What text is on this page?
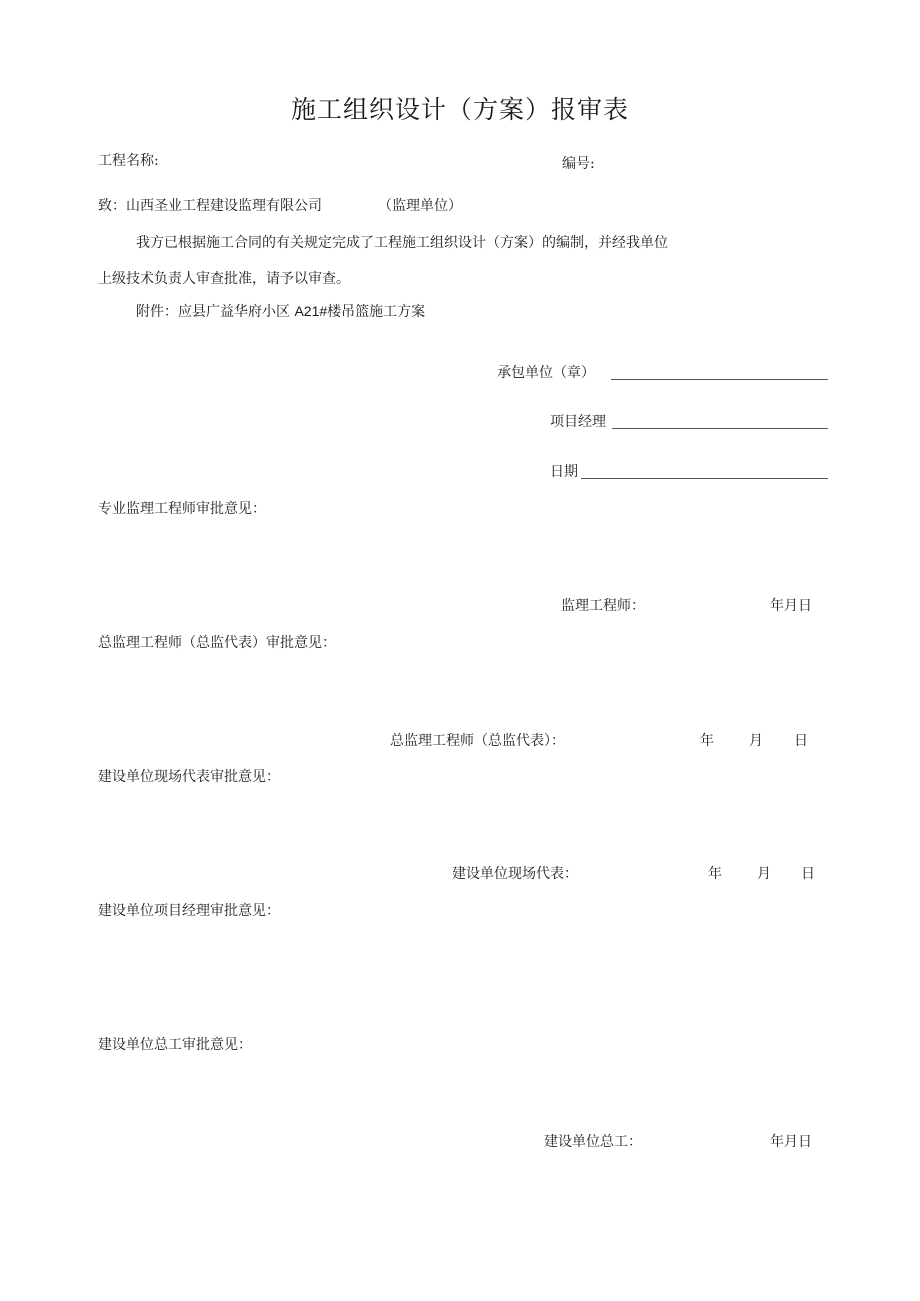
施工组织设计（方案）报审表
工程名称:	编号:
致： 山西圣业工程建设监理有限公司	（监理单位）
我方已根据施工合同的有关规定完成了工程施工组织设计（方案）的编制，并经我单位
上级技术负责人审查批准，请予以审查。
附件：应县广益华府小区 A21#楼吊篮施工方案
承包单位（章）
项目经理
日期
专业监理工程师审批意见：
监理工程师：	年月日
总监理工程师（总监代表）审批意见：
总监理工程师（总监代表）：	年	月 日
建设单位现场代表审批意见：
建设单位现场代表：	年	月 日
建设单位项目经理审批意见：
建设单位总工审批意见：
建设单位总工：	年月日
